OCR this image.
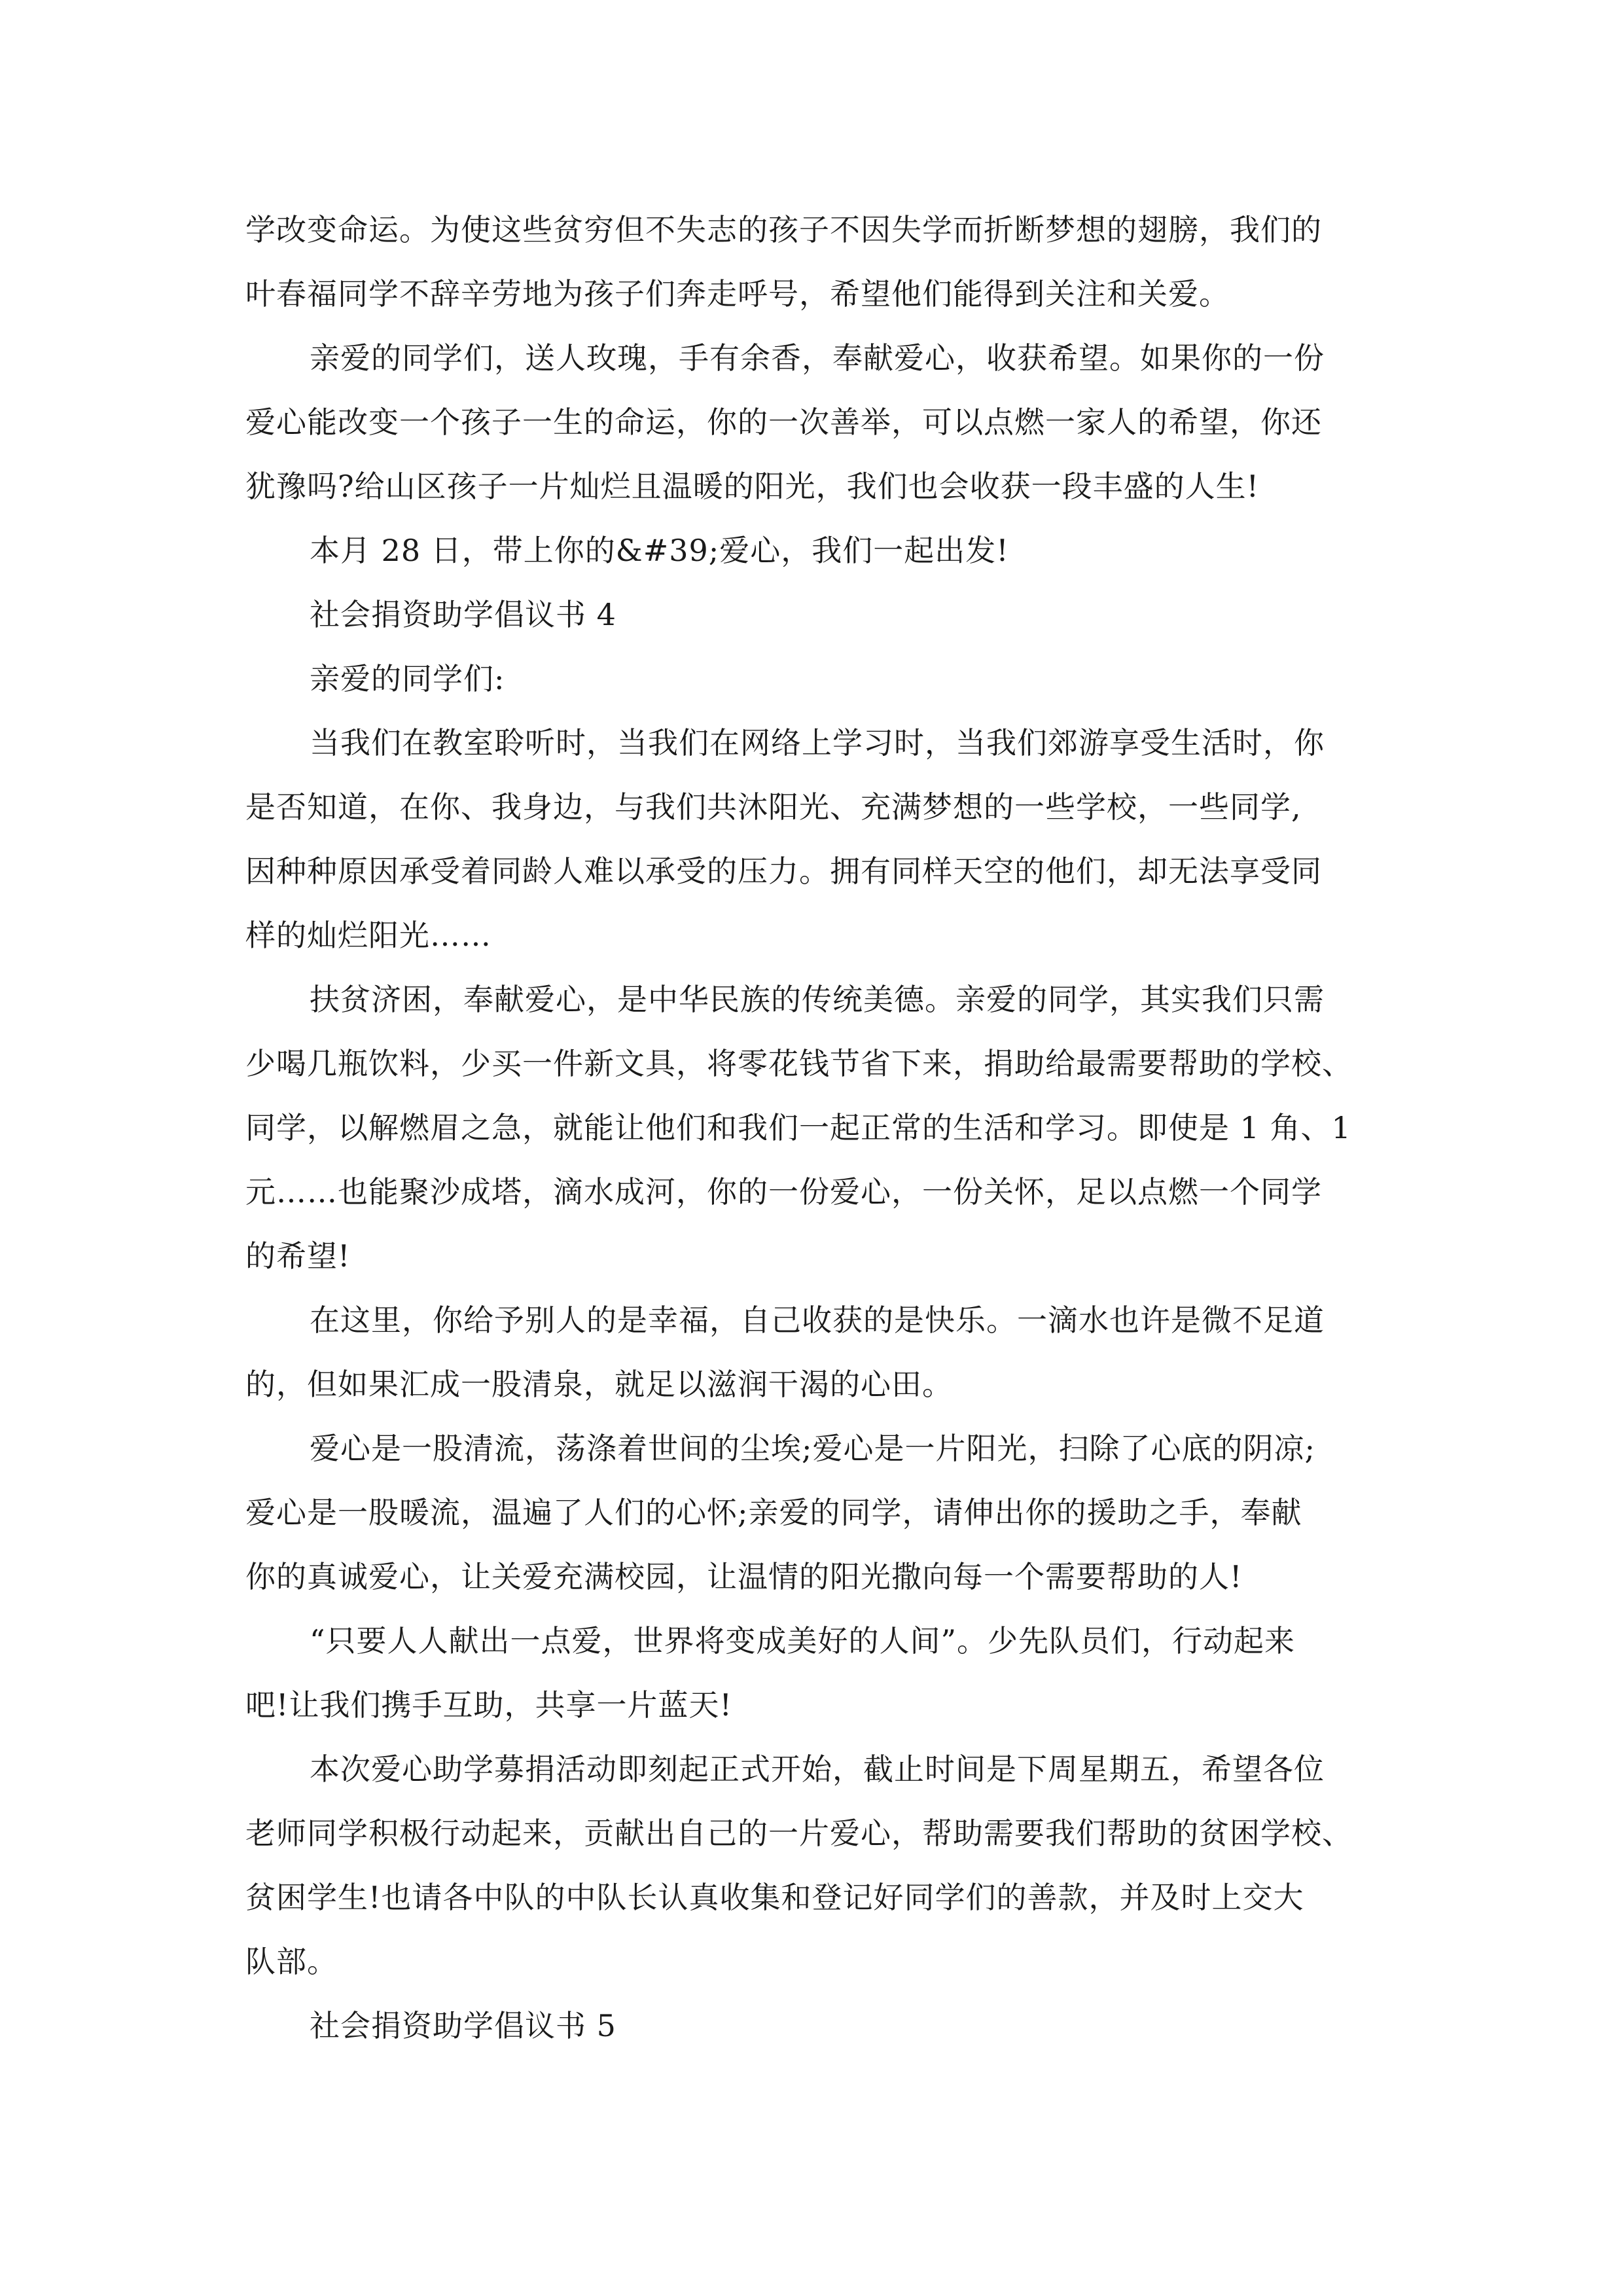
学改变命运。为使这些贫穷但不失志的孩子不因失学而折断梦想的翅膀，我们的
叶春福同学不辞辛劳地为孩子们奔走呼号，希望他们能得到关注和关爱。
亲爱的同学们，送人玫瑰，手有余香，奉献爱心，收获希望。如果你的一份
爱心能改变一个孩子一生的命运，你的一次善举，可以点燃一家人的希望，你还
犹豫吗?给山区孩子一片灿烂且温暖的阳光，我们也会收获一段丰盛的人生!
本月 28 日，带上你的&#39;爱心，我们一起出发!
社会捐资助学倡议书 4
亲爱的同学们:
当我们在教室聆听时，当我们在网络上学习时，当我们郊游享受生活时，你
是否知道，在你、我身边，与我们共沐阳光、充满梦想的一些学校，一些同学,
因种种原因承受着同龄人难以承受的压力。拥有同样天空的他们，却无法享受同
样的灿烂阳光……
扶贫济困，奉献爱心，是中华民族的传统美德。亲爱的同学，其实我们只需
少喝几瓶饮料，少买一件新文具，将零花钱节省下来，捐助给最需要帮助的学校、
同学，以解燃眉之急，就能让他们和我们一起正常的生活和学习。即使是 1 角、1
元……也能聚沙成塔，滴水成河，你的一份爱心，一份关怀，足以点燃一个同学
的希望!
在这里，你给予别人的是幸福，自己收获的是快乐。一滴水也许是微不足道
的，但如果汇成一股清泉，就足以滋润干渴的心田。
爱心是一股清流，荡涤着世间的尘埃;爱心是一片阳光，扫除了心底的阴凉;
爱心是一股暖流，温遍了人们的心怀;亲爱的同学，请伸出你的援助之手，奉献
你的真诚爱心，让关爱充满校园，让温情的阳光撒向每一个需要帮助的人!
“只要人人献出一点爱，世界将变成美好的人间”。少先队员们，行动起来
吧!让我们携手互助，共享一片蓝天!
本次爱心助学募捐活动即刻起正式开始，截止时间是下周星期五，希望各位
老师同学积极行动起来，贡献出自己的一片爱心，帮助需要我们帮助的贫困学校、
贫困学生!也请各中队的中队长认真收集和登记好同学们的善款，并及时上交大
队部。
社会捐资助学倡议书 5
